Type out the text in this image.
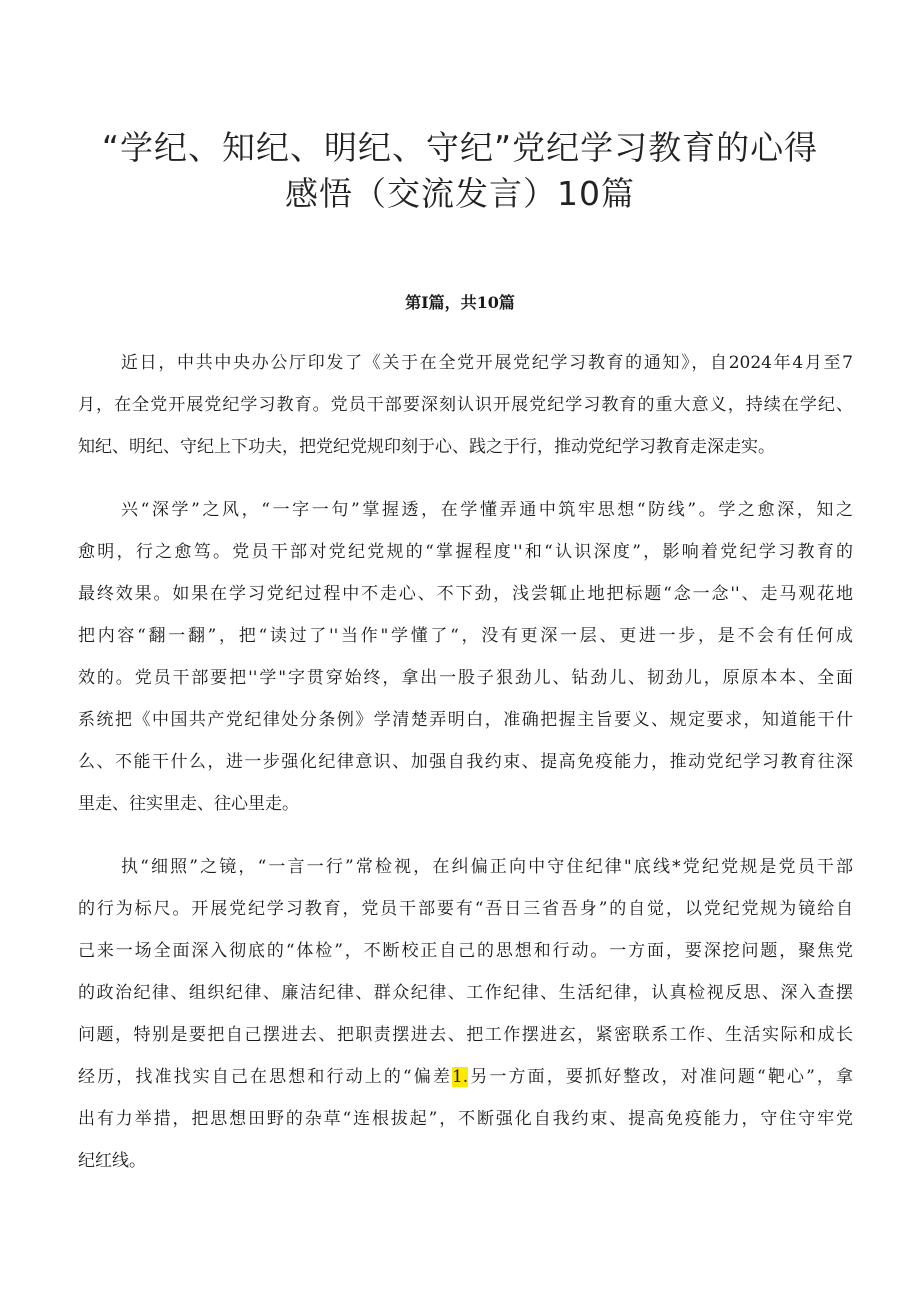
“学纪、知纪、明纪、守纪”党纪学习教育的心得
感悟（交流发言）10篇

第I篇，共10篇

近日，中共中央办公厅印发了《关于在全党开展党纪学习教育的通知》，自2024年4月至7

月，在全党开展党纪学习教育。党员干部要深刻认识开展党纪学习教育的重大意义，持续在学纪、

知纪、明纪、守纪上下功夫，把党纪党规印刻于心、践之于行，推动党纪学习教育走深走实。

兴“深学”之风，“一字一句”掌握透，在学懂弄通中筑牢思想“防线”。学之愈深，知之

愈明，行之愈笃。党员干部对党纪党规的“掌握程度''和“认识深度”，影响着党纪学习教育的

最终效果。如果在学习党纪过程中不走心、不下劲，浅尝辄止地把标题“念一念''、走马观花地

把内容“翻一翻”，把“读过了''当作"学懂了“，没有更深一层、更进一步，是不会有任何成

效的。党员干部要把''学"字贯穿始终，拿出一股子狠劲儿、钻劲儿、韧劲儿，原原本本、全面

系统把《中国共产党纪律处分条例》学清楚弄明白，准确把握主旨要义、规定要求，知道能干什

么、不能干什么，进一步强化纪律意识、加强自我约束、提高免疫能力，推动党纪学习教育往深

里走、往实里走、往心里走。

执“细照”之镜，“一言一行”常检视，在纠偏正向中守住纪律"底线*党纪党规是党员干部

的行为标尺。开展党纪学习教育，党员干部要有“吾日三省吾身”的自觉，以党纪党规为镜给自

己来一场全面深入彻底的“体检”，不断校正自己的思想和行动。一方面，要深挖问题，聚焦党

的政治纪律、组织纪律、廉洁纪律、群众纪律、工作纪律、生活纪律，认真检视反思、深入查摆

问题，特别是要把自己摆进去、把职责摆进去、把工作摆进玄，紧密联系工作、生活实际和成长

经历，找准找实自己在思想和行动上的“偏差1.另一方面，要抓好整改，对准问题“靶心”，拿

出有力举措，把思想田野的杂草“连根拔起”，不断强化自我约束、提高免疫能力，守住守牢党

纪红线。
